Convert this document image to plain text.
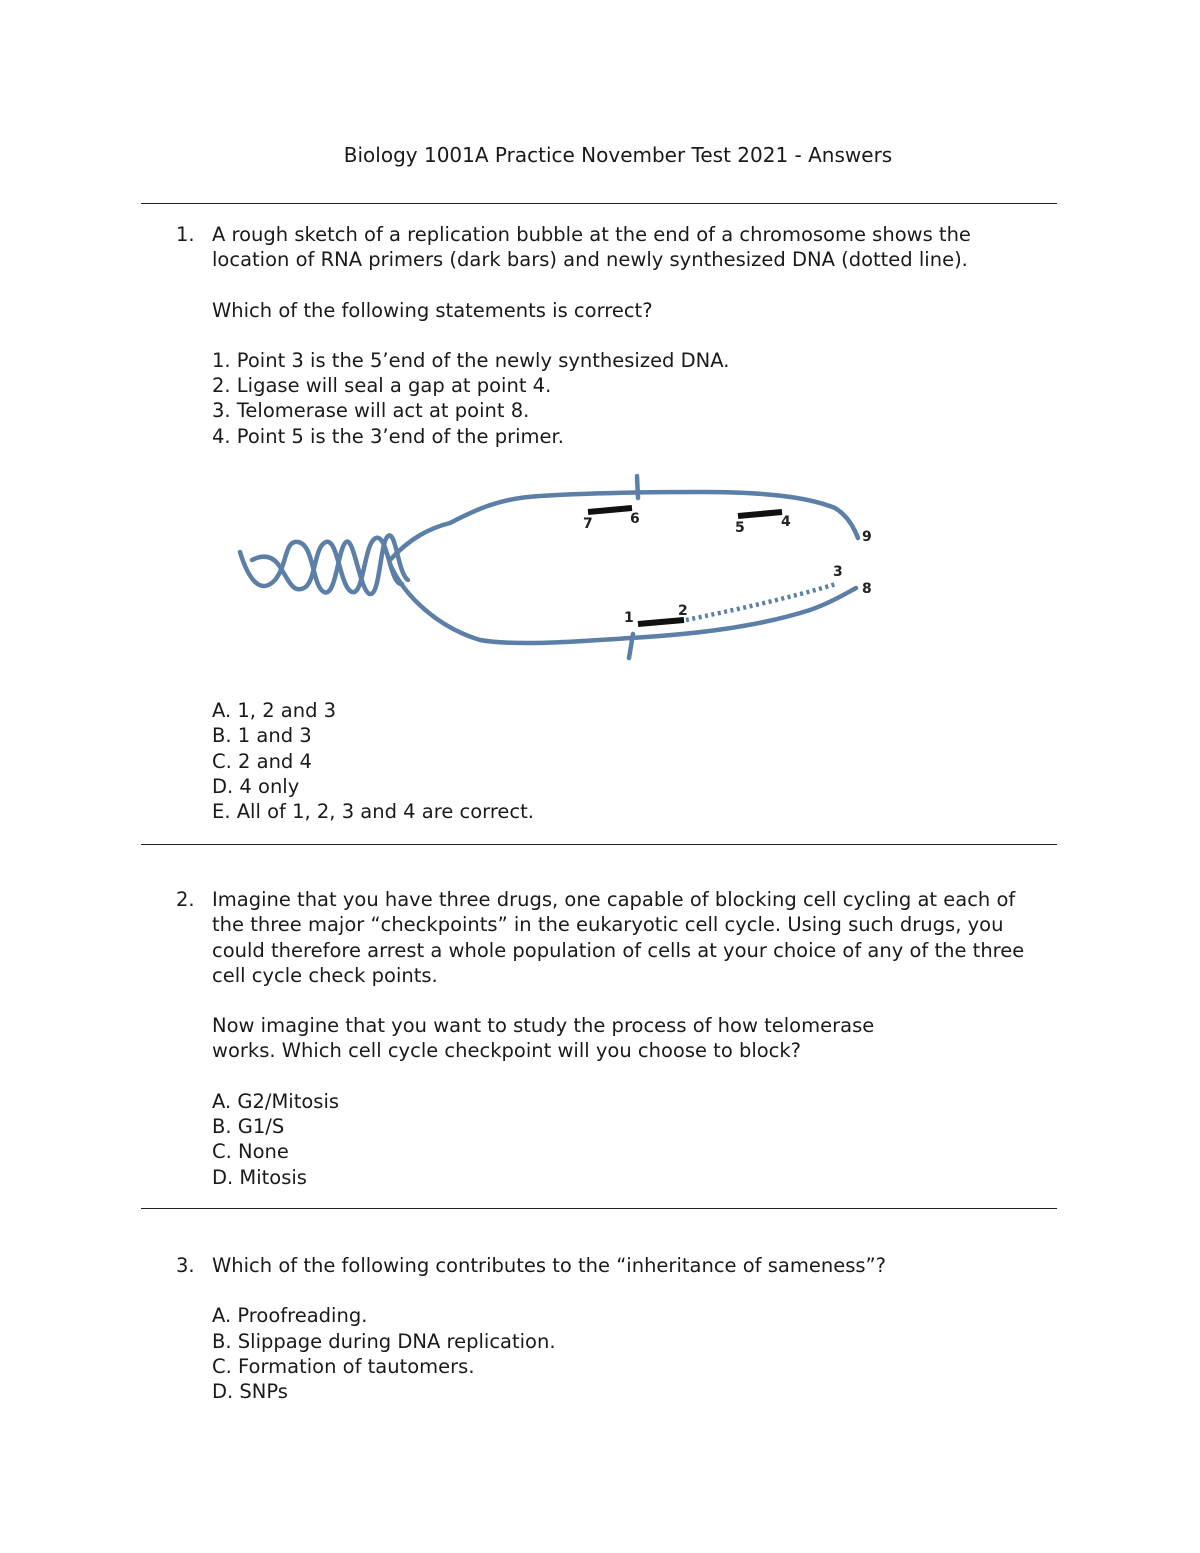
Biology 1001A Practice November Test 2021 - Answers
1. A rough sketch of a replication bubble at the end of a chromosome shows the location of RNA primers (dark bars) and newly synthesized DNA (dotted line).

Which of the following statements is correct?

1. Point 3 is the 5’end of the newly synthesized DNA.
2. Ligase will seal a gap at point 4.
3. Telomerase will act at point 8.
4. Point 5 is the 3’end of the primer.
7	6
5	4
9
3
8
1	2
A. 1, 2 and 3
B. 1 and 3
C. 2 and 4
D. 4 only
E. All of 1, 2, 3 and 4 are correct.
2. Imagine that you have three drugs, one capable of blocking cell cycling at each of the three major “checkpoints” in the eukaryotic cell cycle. Using such drugs, you could therefore arrest a whole population of cells at your choice of any of the three cell cycle check points.

Now imagine that you want to study the process of how telomerase works. Which cell cycle checkpoint will you choose to block?

A. G2/Mitosis
B. G1/S
C. None
D. Mitosis
3. Which of the following contributes to the “inheritance of sameness”?

A. Proofreading.
B. Slippage during DNA replication.
C. Formation of tautomers.
D. SNPs
